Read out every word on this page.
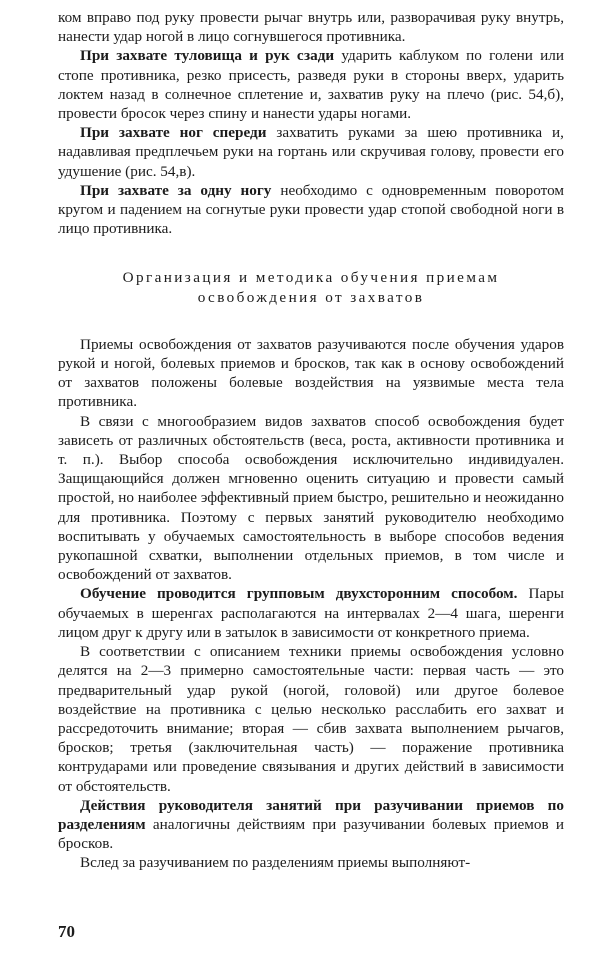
ком вправо под руку провести рычаг внутрь или, разворачивая руку внутрь, нанести удар ногой в лицо согнувшегося противника.

При захвате туловища и рук сзади ударить каблуком по голени или стопе противника, резко присесть, разведя руки в стороны вверх, ударить локтем назад в солнечное сплетение и, захватив руку на плечо (рис. 54,б), провести бросок через спину и нанести удары ногами.

При захвате ног спереди захватить руками за шею противника и, надавливая предплечьем руки на гортань или скручивая голову, провести его удушение (рис. 54,в).

При захвате за одну ногу необходимо с одновременным поворотом кругом и падением на согнутые руки провести удар стопой свободной ноги в лицо противника.

Организация и методика обучения приемам
освобождения от захватов

Приемы освобождения от захватов разучиваются после обучения ударов рукой и ногой, болевых приемов и бросков, так как в основу освобождений от захватов положены болевые воздействия на уязвимые места тела противника.

В связи с многообразием видов захватов способ освобождения будет зависеть от различных обстоятельств (веса, роста, активности противника и т. п.). Выбор способа освобождения исключительно индивидуален. Защищающийся должен мгновенно оценить ситуацию и провести самый простой, но наиболее эффективный прием быстро, решительно и неожиданно для противника. Поэтому с первых занятий руководителю необходимо воспитывать у обучаемых самостоятельность в выборе способов ведения рукопашной схватки, выполнении отдельных приемов, в том числе и освобождений от захватов.

Обучение проводится групповым двухсторонним способом. Пары обучаемых в шеренгах располагаются на интервалах 2—4 шага, шеренги лицом друг к другу или в затылок в зависимости от конкретного приема.

В соответствии с описанием техники приемы освобождения условно делятся на 2—3 примерно самостоятельные части: первая часть — это предварительный удар рукой (ногой, головой) или другое болевое воздействие на противника с целью несколько расслабить его захват и рассредоточить внимание; вторая — сбив захвата выполнением рычагов, бросков; третья (заключительная часть) — поражение противника контрударами или проведение связывания и других действий в зависимости от обстоятельств.

Действия руководителя занятий при разучивании приемов по разделениям аналогичны действиям при разучивании болевых приемов и бросков.

Вслед за разучиванием по разделениям приемы выполняют-

70
